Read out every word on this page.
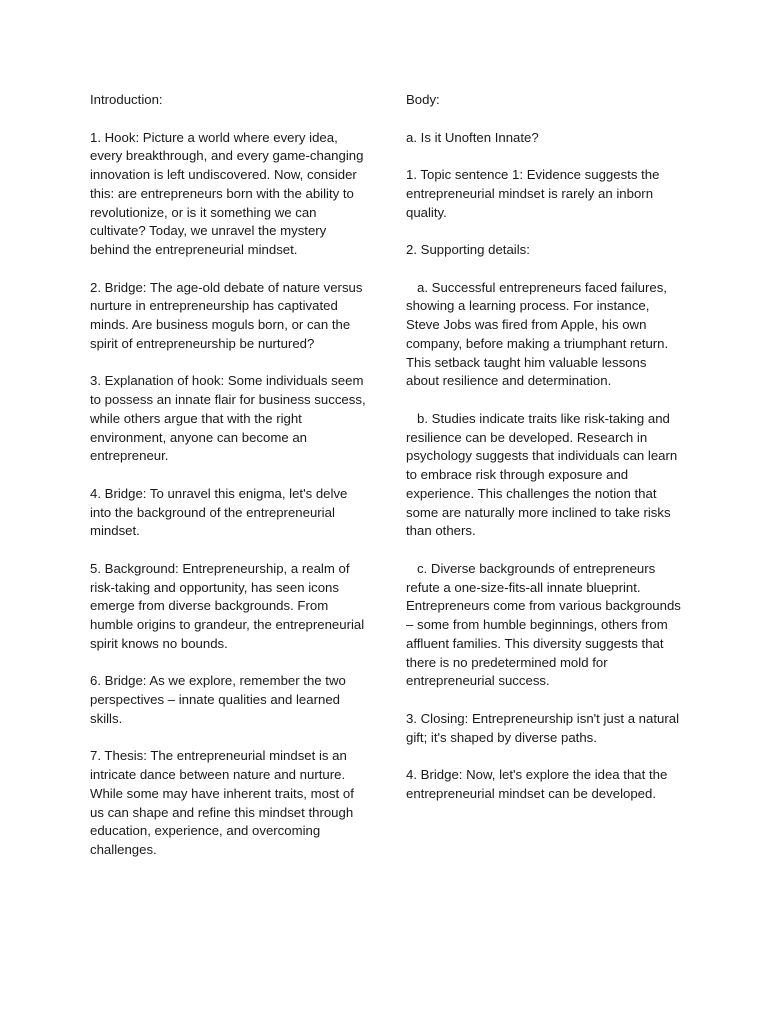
Introduction:

1. Hook: Picture a world where every idea, every breakthrough, and every game-changing innovation is left undiscovered. Now, consider this: are entrepreneurs born with the ability to revolutionize, or is it something we can cultivate? Today, we unravel the mystery behind the entrepreneurial mindset.

2. Bridge: The age-old debate of nature versus nurture in entrepreneurship has captivated minds. Are business moguls born, or can the spirit of entrepreneurship be nurtured?

3. Explanation of hook: Some individuals seem to possess an innate flair for business success, while others argue that with the right environment, anyone can become an entrepreneur.

4. Bridge: To unravel this enigma, let's delve into the background of the entrepreneurial mindset.

5. Background: Entrepreneurship, a realm of risk-taking and opportunity, has seen icons emerge from diverse backgrounds. From humble origins to grandeur, the entrepreneurial spirit knows no bounds.

6. Bridge: As we explore, remember the two perspectives – innate qualities and learned skills.

7. Thesis: The entrepreneurial mindset is an intricate dance between nature and nurture. While some may have inherent traits, most of us can shape and refine this mindset through education, experience, and overcoming challenges.

Body:

a. Is it Unoften Innate?

1. Topic sentence 1: Evidence suggests the entrepreneurial mindset is rarely an inborn quality.

2. Supporting details:

a. Successful entrepreneurs faced failures, showing a learning process. For instance, Steve Jobs was fired from Apple, his own company, before making a triumphant return. This setback taught him valuable lessons about resilience and determination.

b. Studies indicate traits like risk-taking and resilience can be developed. Research in psychology suggests that individuals can learn to embrace risk through exposure and experience. This challenges the notion that some are naturally more inclined to take risks than others.

c. Diverse backgrounds of entrepreneurs refute a one-size-fits-all innate blueprint. Entrepreneurs come from various backgrounds – some from humble beginnings, others from affluent families. This diversity suggests that there is no predetermined mold for entrepreneurial success.

3. Closing: Entrepreneurship isn't just a natural gift; it's shaped by diverse paths.

4. Bridge: Now, let's explore the idea that the entrepreneurial mindset can be developed.
